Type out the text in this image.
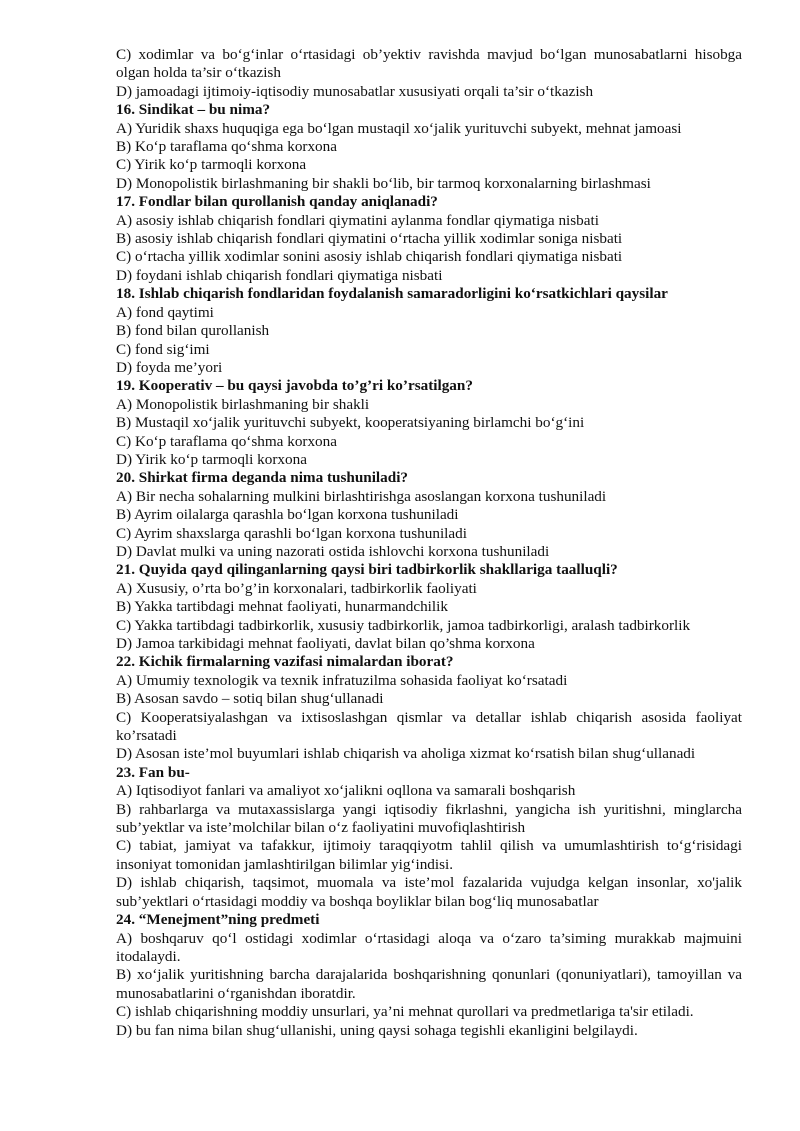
C) xodimlar va bo‘g‘inlar o‘rtasidagi ob’yektiv ravishda mavjud bo‘lgan munosabatlarni hisobga olgan holda ta’sir o‘tkazish
D) jamoadagi ijtimoiy-iqtisodiy munosabatlar xususiyati orqali ta’sir o‘tkazish
16. Sindikat – bu nima?
A) Yuridik shaxs huquqiga ega bo‘lgan mustaqil xo‘jalik yurituvchi subyekt, mehnat jamoasi
B) Ko‘p taraflama qo‘shma korxona
C) Yirik ko‘p tarmoqli korxona
D) Monopolistik birlashmaning bir shakli bo‘lib, bir tarmoq korxonalarning birlashmasi
17. Fondlar bilan qurollanish qanday aniqlanadi?
A) asosiy ishlab chiqarish fondlari qiymatini aylanma fondlar qiymatiga nisbati
B) asosiy ishlab chiqarish fondlari qiymatini o‘rtacha yillik xodimlar soniga nisbati
C) o‘rtacha yillik xodimlar sonini asosiy ishlab chiqarish fondlari qiymatiga nisbati
D) foydani ishlab chiqarish fondlari qiymatiga nisbati
18. Ishlab chiqarish fondlaridan foydalanish samaradorligini ko‘rsatkichlari qaysilar
A) fond qaytimi
B) fond bilan qurollanish
C) fond sig‘imi
D) foyda me’yori
19. Kooperativ – bu qaysi javobda to’g’ri ko’rsatilgan?
A) Monopolistik birlashmaning bir shakli
B) Mustaqil xo‘jalik yurituvchi subyekt, kooperatsiyaning birlamchi bo‘g‘ini
C) Ko‘p taraflama qo‘shma korxona
D) Yirik ko‘p tarmoqli korxona
20. Shirkat firma deganda nima tushuniladi?
A) Bir necha sohalarning mulkini birlashtirishga asoslangan korxona tushuniladi
B) Ayrim oilalarga qarashla bo‘lgan korxona tushuniladi
C) Ayrim shaxslarga qarashli bo‘lgan korxona tushuniladi
D) Davlat mulki va uning nazorati ostida ishlovchi korxona tushuniladi
21. Quyida qayd qilinganlarning qaysi biri tadbirkorlik shakllariga taalluqli?
A) Xususiy, o’rta bo’g’in korxonalari, tadbirkorlik faoliyati
B) Yakka tartibdagi mehnat faoliyati, hunarmandchilik
C) Yakka tartibdagi tadbirkorlik, xususiy tadbirkorlik, jamoa tadbirkorligi, aralash tadbirkorlik
D) Jamoa tarkibidagi mehnat faoliyati, davlat bilan qo’shma korxona
22. Kichik firmalarning vazifasi nimalardan iborat?
A) Umumiy texnologik va texnik infratuzilma sohasida faoliyat ko‘rsatadi
B) Asosan savdo – sotiq bilan shug‘ullanadi
C) Kooperatsiyalashgan va ixtisoslashgan qismlar va detallar ishlab chiqarish asosida faoliyat ko’rsatadi
D) Asosan iste’mol buyumlari ishlab chiqarish va aholiga xizmat ko‘rsatish bilan shug‘ullanadi
23. Fan bu-
A) Iqtisodiyot fanlari va amaliyot xo‘jalikni oqllona va samarali boshqarish
B) rahbarlarga va mutaxassislarga yangi iqtisodiy fikrlashni, yangicha ish yuritishni, minglarcha sub’yektlar va iste’molchilar bilan o‘z faoliyatini muvofiqlashtirish
C) tabiat, jamiyat va tafakkur, ijtimoiy taraqqiyotm tahlil qilish va umumlashtirish to‘g‘risidagi insoniyat tomonidan jamlashtirilgan bilimlar yig‘indisi.
D) ishlab chiqarish, taqsimot, muomala va iste’mol fazalarida vujudga kelgan insonlar, xo'jalik sub’yektlari o‘rtasidagi moddiy va boshqa boyliklar bilan bog‘liq munosabatlar
24. “Menejment”ning predmeti
A) boshqaruv qo‘l ostidagi xodimlar o‘rtasidagi aloqa va o‘zaro ta’siming murakkab majmuini itodalaydi.
B) xo‘jalik yuritishning barcha darajalarida boshqarishning qonunlari (qonuniyatlari), tamoyillan va munosabatlarini o‘rganishdan iboratdir.
C) ishlab chiqarishning moddiy unsurlari, ya’ni mehnat qurollari va predmetlariga ta'sir etiladi.
D) bu fan nima bilan shug‘ullanishi, uning qaysi sohaga tegishli ekanligini belgilaydi.
